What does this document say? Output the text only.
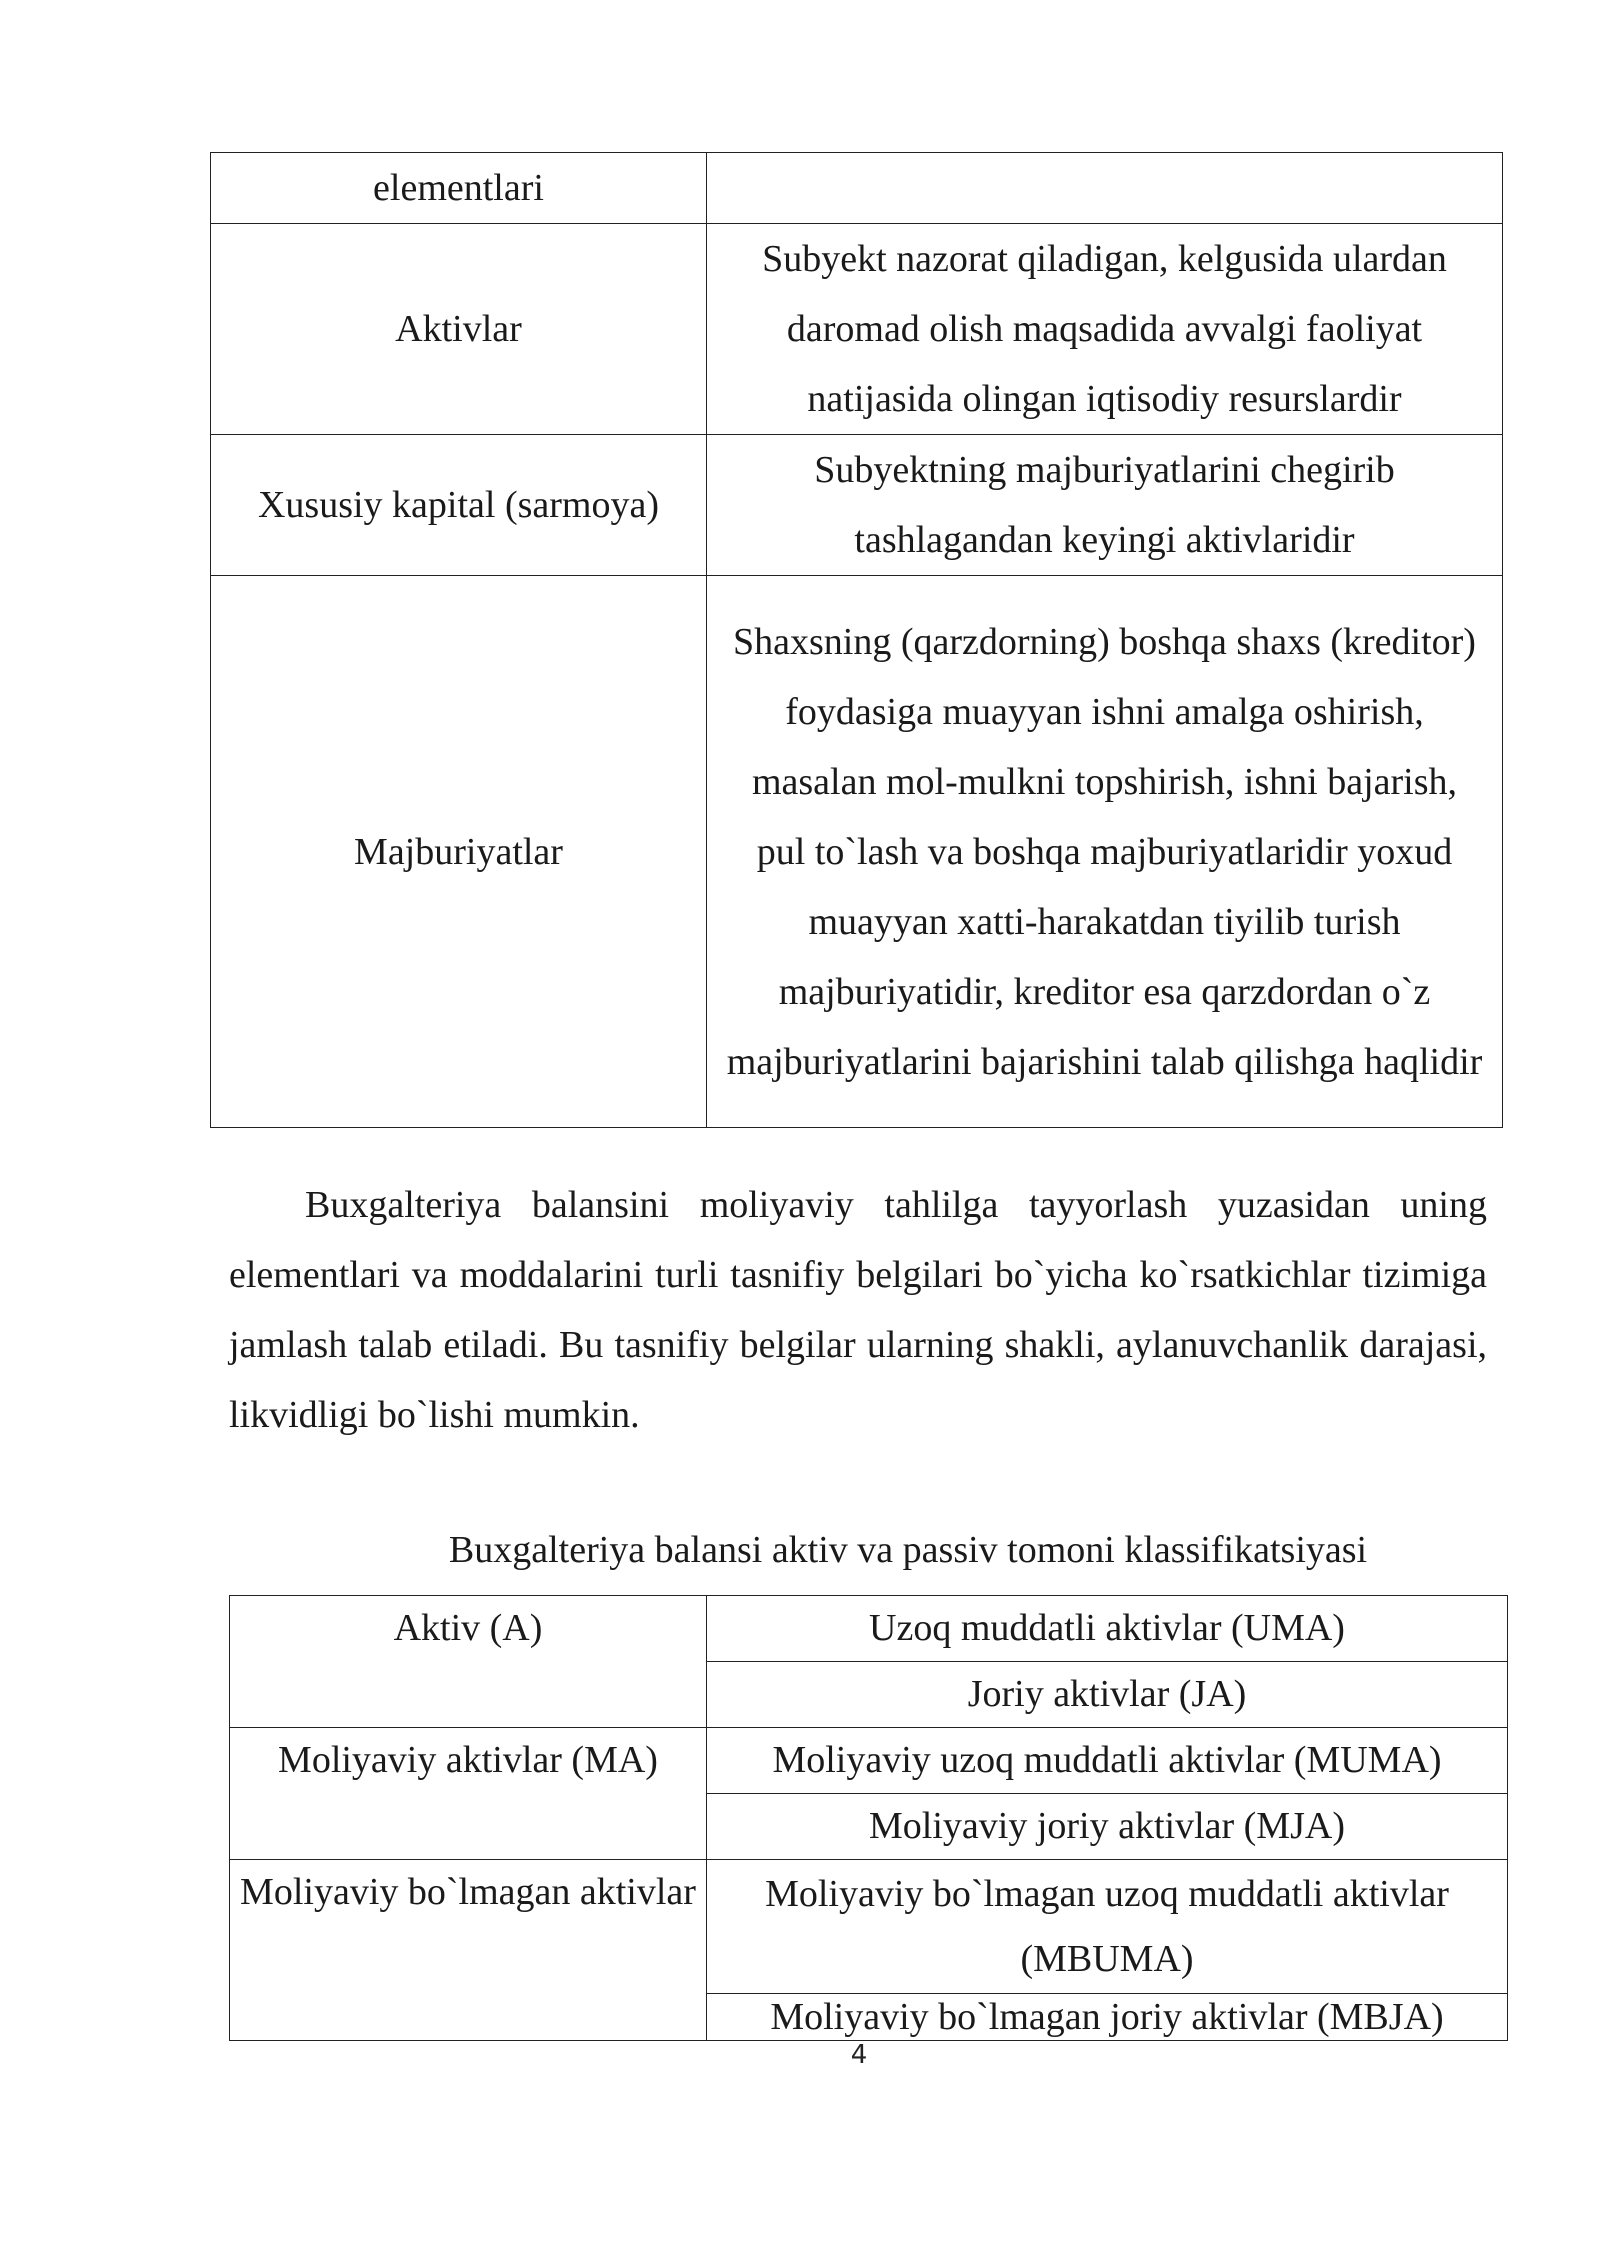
elementlari	
Aktivlar	Subyekt nazorat qiladigan, kelgusida ulardan daromad olish maqsadida avvalgi faoliyat natijasida olingan iqtisodiy resurslardir
Xususiy kapital (sarmoya)	Subyektning majburiyatlarini chegirib tashlagandan keyingi aktivlaridir
Majburiyatlar	Shaxsning (qarzdorning) boshqa shaxs (kreditor) foydasiga muayyan ishni amalga oshirish, masalan mol-mulkni topshirish, ishni bajarish, pul to`lash va boshqa majburiyatlaridir yoxud muayyan xatti-harakatdan tiyilib turish majburiyatidir, kreditor esa qarzdordan o`z majburiyatlarini bajarishini talab qilishga haqlidir

Buxgalteriya balansini moliyaviy tahlilga tayyorlash yuzasidan uning elementlari va moddalarini turli tasnifiy belgilari bo`yicha ko`rsatkichlar tizimiga jamlash talab etiladi. Bu tasnifiy belgilar ularning shakli, aylanuvchanlik darajasi, likvidligi bo`lishi mumkin.

Buxgalteriya balansi aktiv va passiv tomoni klassifikatsiyasi

Aktiv (A)	Uzoq muddatli aktivlar (UMA)
	Joriy aktivlar (JA)
Moliyaviy aktivlar (MA)	Moliyaviy uzoq muddatli aktivlar (MUMA)
	Moliyaviy joriy aktivlar (MJA)
Moliyaviy bo`lmagan aktivlar	Moliyaviy bo`lmagan uzoq muddatli aktivlar (MBUMA)
	Moliyaviy bo`lmagan joriy aktivlar (MBJA)
4
